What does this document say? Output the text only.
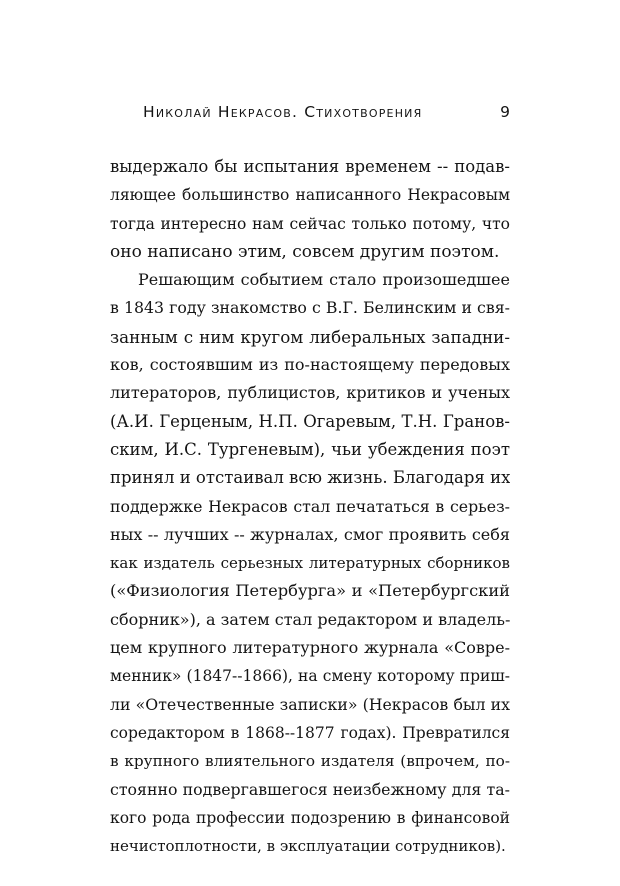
Николай Некрасов. Стихотворения	9
выдержало бы испытания временем -- подав-
ляющее большинство написанного Некрасовым
тогда интересно нам сейчас только потому, что
оно написано этим, совсем другим поэтом.
Решающим событием стало произошедшее
в 1843 году знакомство с В.Г. Белинским и свя-
занным с ним кругом либеральных западни-
ков, состоявшим из по-настоящему передовых
литераторов, публицистов, критиков и ученых
(А.И. Герценым, Н.П. Огаревым, Т.Н. Гранов-
ским, И.С. Тургеневым), чьи убеждения поэт
принял и отстаивал всю жизнь. Благодаря их
поддержке Некрасов стал печататься в серьез-
ных -- лучших -- журналах, смог проявить себя
как издатель серьезных литературных сборников
(«Физиология Петербурга» и «Петербургский
сборник»), а затем стал редактором и владель-
цем крупного литературного журнала «Совре-
менник» (1847--1866), на смену которому приш-
ли «Отечественные записки» (Некрасов был их
соредактором в 1868--1877 годах). Превратился
в крупного влиятельного издателя (впрочем, по-
стоянно подвергавшегося неизбежному для та-
кого рода профессии подозрению в финансовой
нечистоплотности, в эксплуатации сотрудников).
